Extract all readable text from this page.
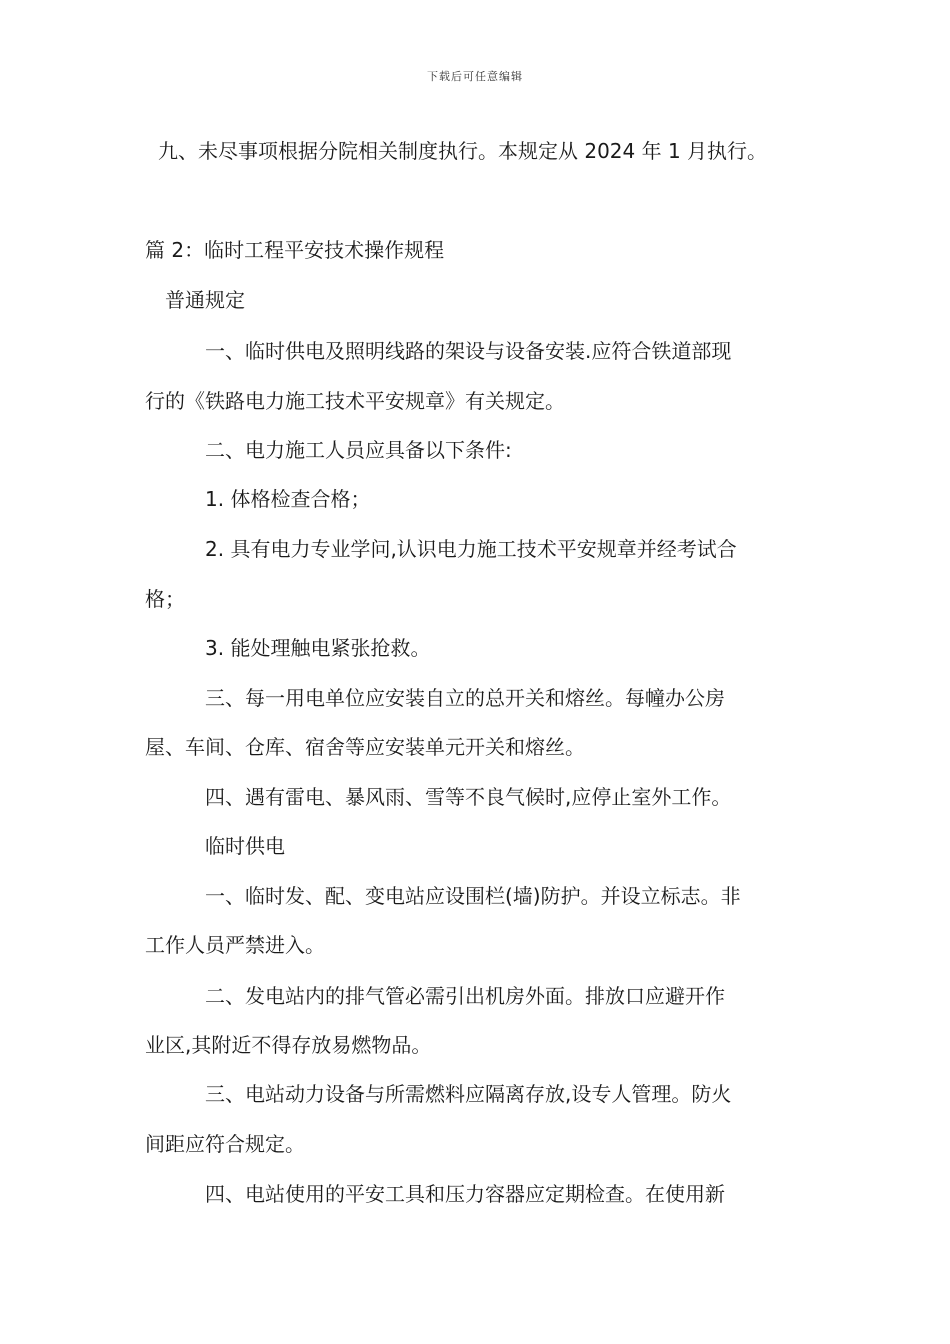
下载后可任意编辑
九、未尽事项根据分院相关制度执行。本规定从 2024 年 1 月执行。
篇 2：临时工程平安技术操作规程
普通规定
一、临时供电及照明线路的架设与设备安装.应符合铁道部现
行的《铁路电力施工技术平安规章》有关规定。
二、电力施工人员应具备以下条件:
1. 体格检查合格；
2. 具有电力专业学问,认识电力施工技术平安规章并经考试合
格；
3. 能处理触电紧张抢救。
三、每一用电单位应安装自立的总开关和熔丝。每幢办公房
屋、车间、仓库、宿舍等应安装单元开关和熔丝。
四、遇有雷电、暴风雨、雪等不良气候时,应停止室外工作。
临时供电
一、临时发、配、变电站应设围栏(墙)防护。并设立标志。非
工作人员严禁进入。
二、发电站内的排气管必需引出机房外面。排放口应避开作
业区,其附近不得存放易燃物品。
三、电站动力设备与所需燃料应隔离存放,设专人管理。防火
间距应符合规定。
四、电站使用的平安工具和压力容器应定期检查。在使用新
